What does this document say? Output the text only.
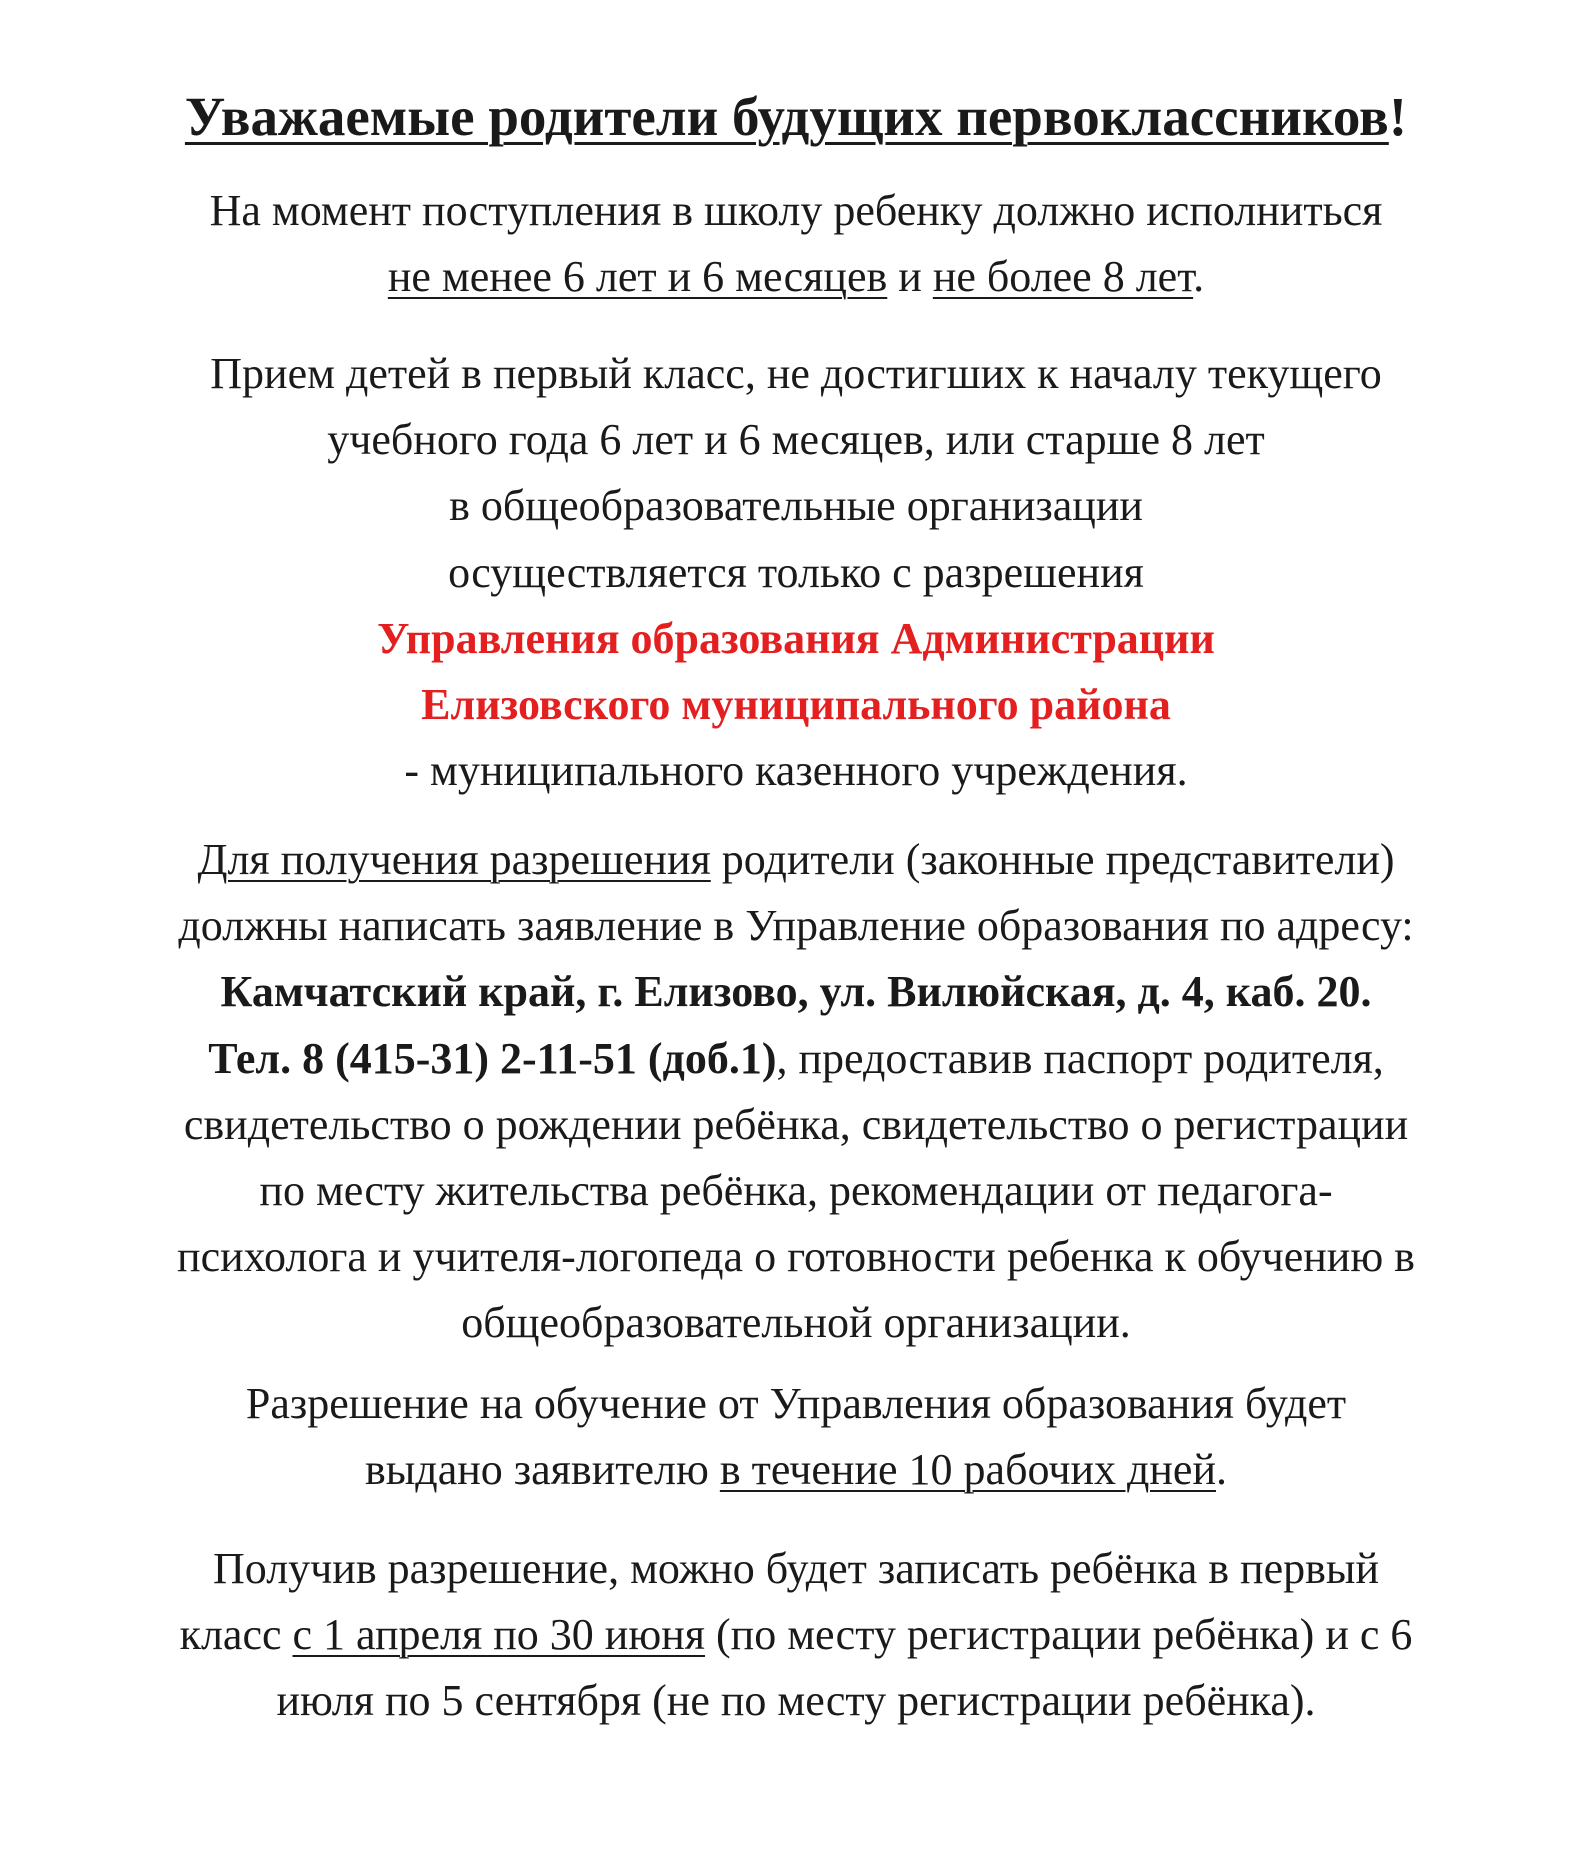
Уважаемые родители будущих первоклассников!
На момент поступления в школу ребенку должно исполниться
не менее 6 лет и 6 месяцев и не более 8 лет.
Прием детей в первый класс, не достигших к началу текущего
учебного года 6 лет и 6 месяцев, или старше 8 лет
в общеобразовательные организации
осуществляется только с разрешения
Управления образования Администрации
Елизовского муниципального района
- муниципального казенного учреждения.
Для получения разрешения родители (законные представители)
должны написать заявление в Управление образования по адресу:
Камчатский край, г. Елизово, ул. Вилюйская, д. 4, каб. 20.
Тел. 8 (415-31) 2-11-51 (доб.1), предоставив паспорт родителя,
свидетельство о рождении ребёнка, свидетельство о регистрации
по месту жительства ребёнка, рекомендации от педагога-
психолога и учителя-логопеда о готовности ребенка к обучению в
общеобразовательной организации.
Разрешение на обучение от Управления образования будет
выдано заявителю в течение 10 рабочих дней.
Получив разрешение, можно будет записать ребёнка в первый
класс с 1 апреля по 30 июня (по месту регистрации ребёнка) и с 6
июля по 5 сентября (не по месту регистрации ребёнка).
